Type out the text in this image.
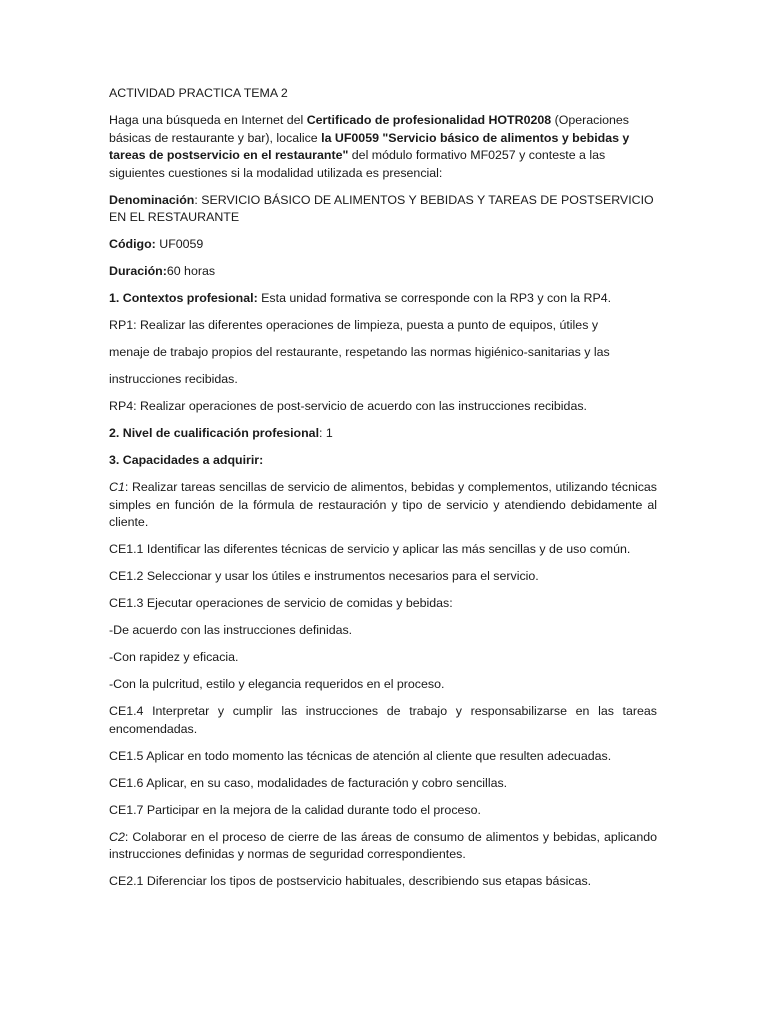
ACTIVIDAD PRACTICA TEMA 2

Haga una búsqueda en Internet del Certificado de profesionalidad HOTR0208 (Operaciones básicas de restaurante y bar), localice la UF0059 "Servicio básico de alimentos y bebidas y tareas de postservicio en el restaurante" del módulo formativo MF0257 y conteste a las siguientes cuestiones si la modalidad utilizada es presencial:

Denominación: SERVICIO BÁSICO DE ALIMENTOS Y BEBIDAS Y TAREAS DE POSTSERVICIO EN EL RESTAURANTE

Código: UF0059

Duración:60 horas

1. Contextos profesional: Esta unidad formativa se corresponde con la RP3 y con la RP4.

RP1: Realizar las diferentes operaciones de limpieza, puesta a punto de equipos, útiles y

menaje de trabajo propios del restaurante, respetando las normas higiénico-sanitarias y las

instrucciones recibidas.

RP4: Realizar operaciones de post-servicio de acuerdo con las instrucciones recibidas.

2. Nivel de cualificación profesional: 1

3. Capacidades a adquirir:

C1: Realizar tareas sencillas de servicio de alimentos, bebidas y complementos, utilizando técnicas simples en función de la fórmula de restauración y tipo de servicio y atendiendo debidamente al cliente.

CE1.1 Identificar las diferentes técnicas de servicio y aplicar las más sencillas y de uso común.

CE1.2 Seleccionar y usar los útiles e instrumentos necesarios para el servicio.

CE1.3 Ejecutar operaciones de servicio de comidas y bebidas:

-De acuerdo con las instrucciones definidas.

-Con rapidez y eficacia.

-Con la pulcritud, estilo y elegancia requeridos en el proceso.

CE1.4 Interpretar y cumplir las instrucciones de trabajo y responsabilizarse en las tareas encomendadas.

CE1.5 Aplicar en todo momento las técnicas de atención al cliente que resulten adecuadas.

CE1.6 Aplicar, en su caso, modalidades de facturación y cobro sencillas.

CE1.7 Participar en la mejora de la calidad durante todo el proceso.

C2: Colaborar en el proceso de cierre de las áreas de consumo de alimentos y bebidas, aplicando instrucciones definidas y normas de seguridad correspondientes.

CE2.1 Diferenciar los tipos de postservicio habituales, describiendo sus etapas básicas.
